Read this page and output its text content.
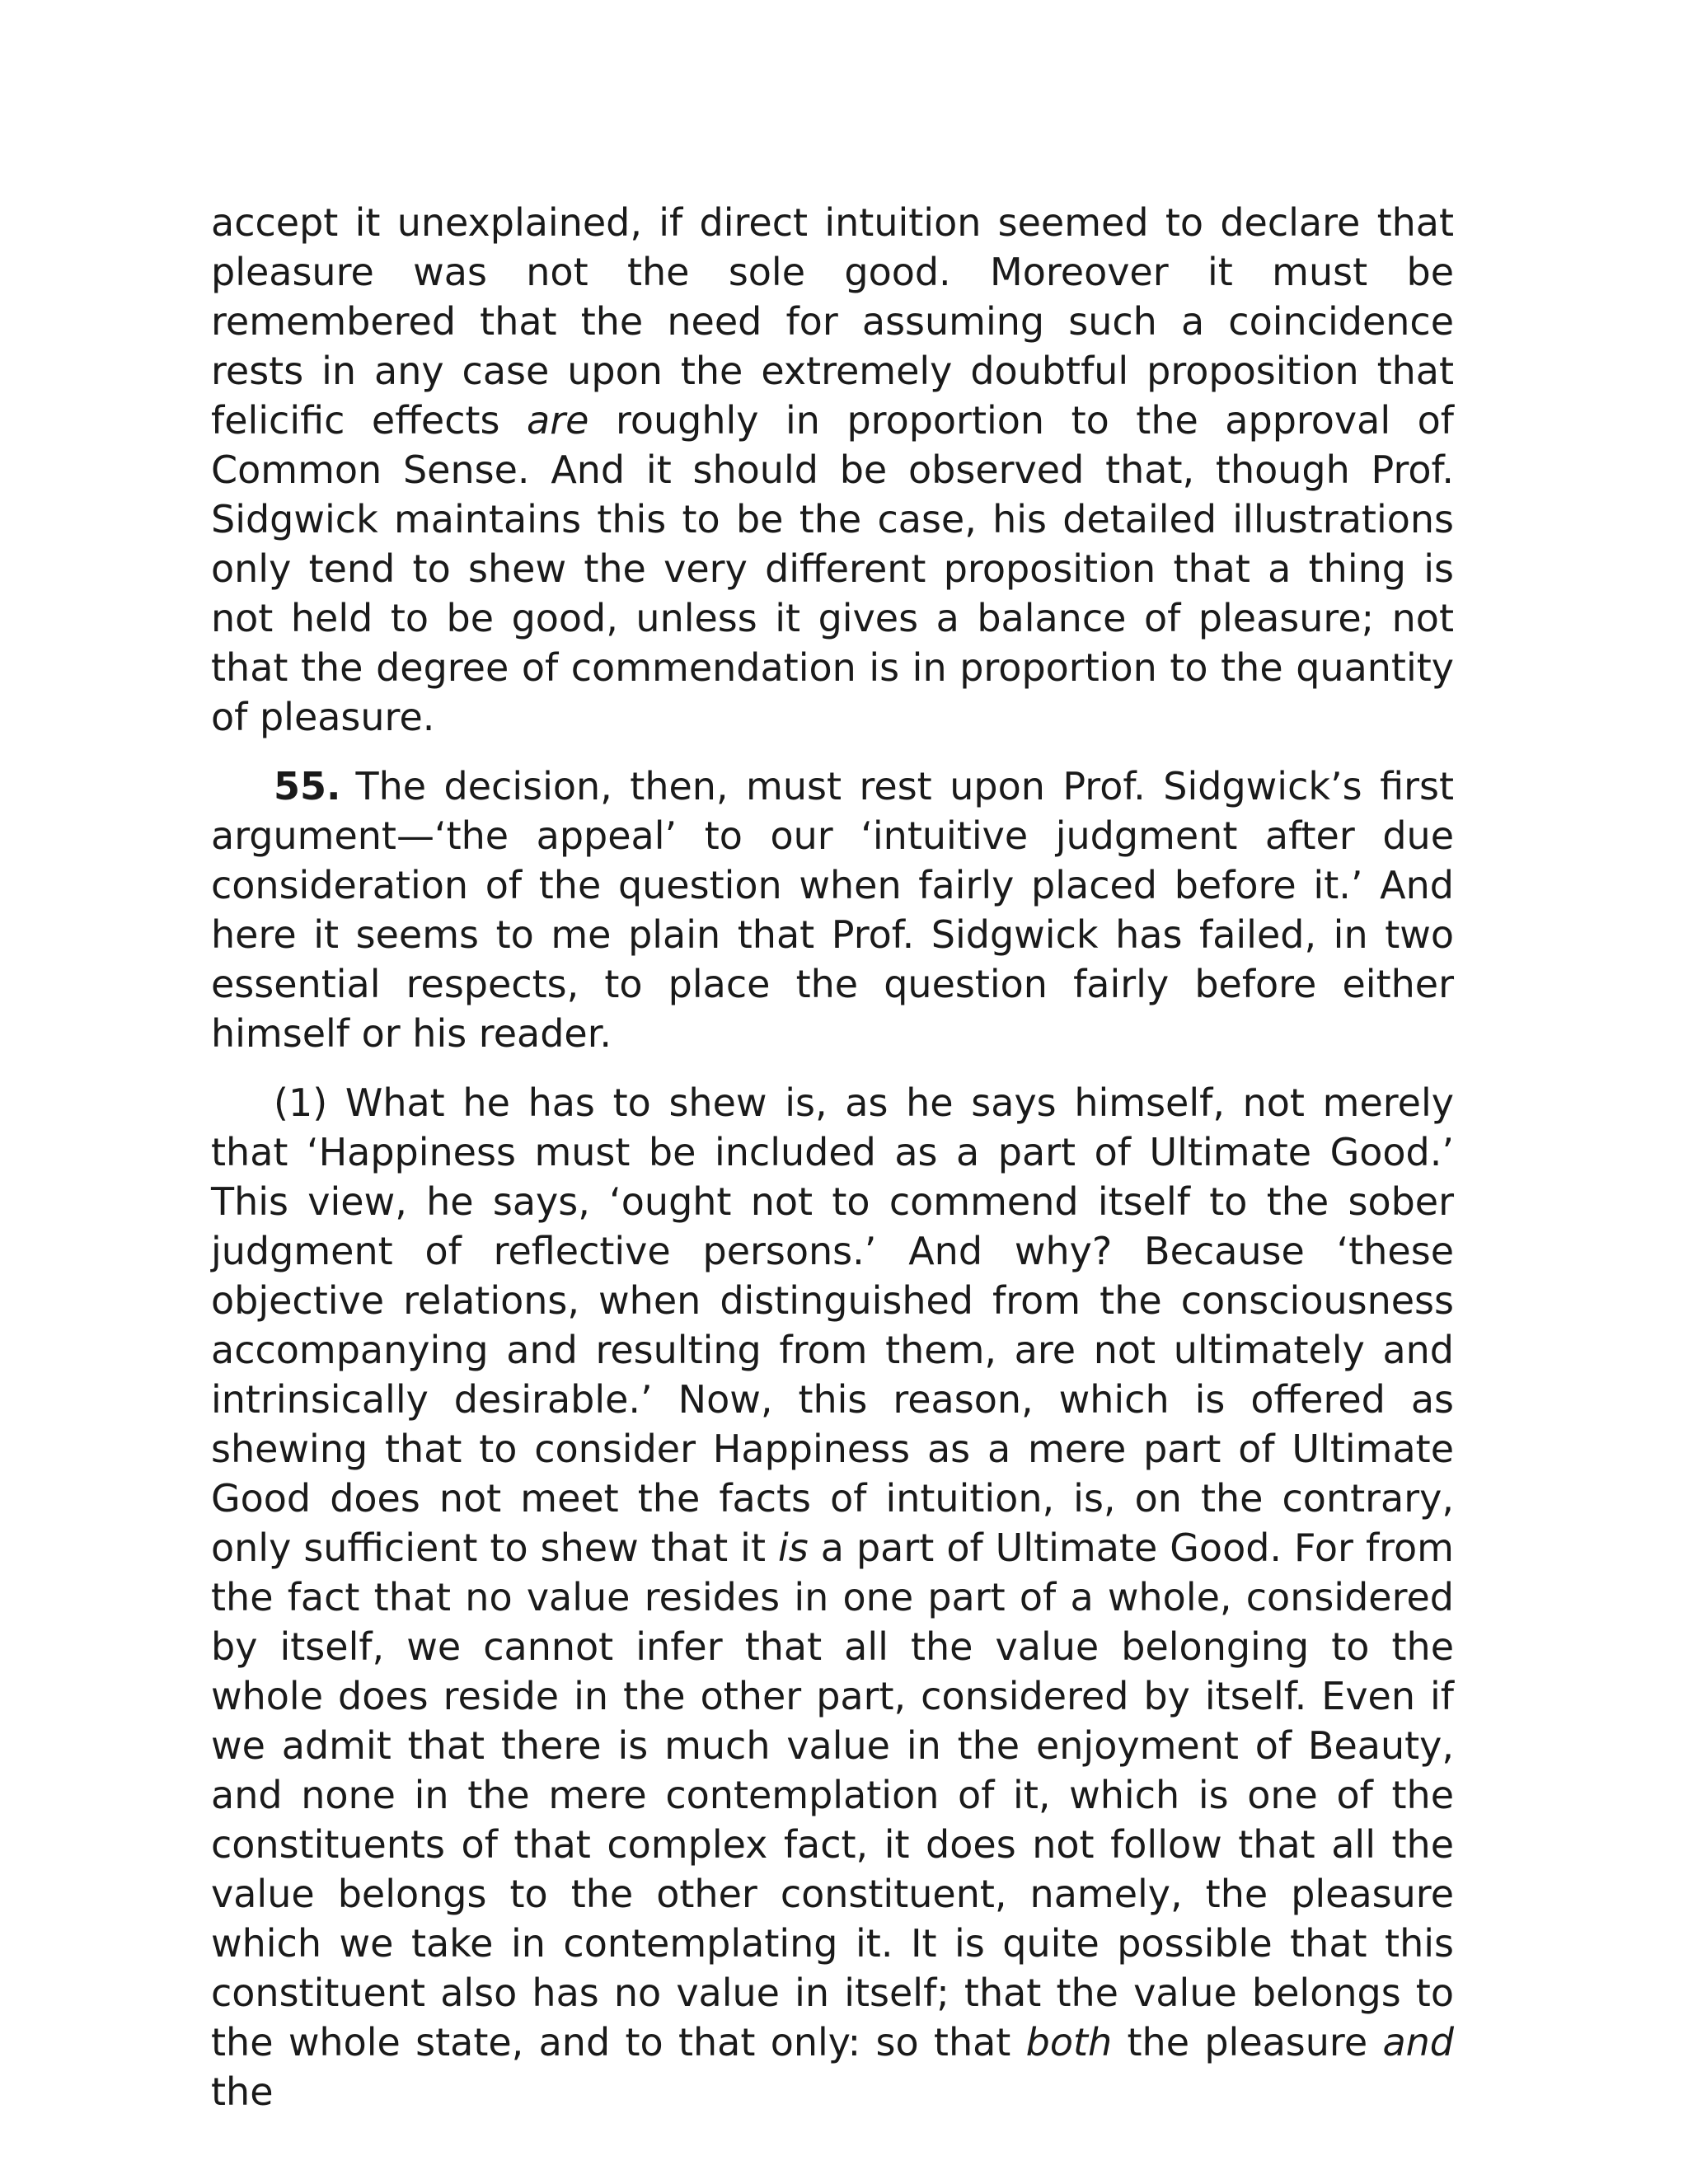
accept it unexplained, if direct intuition seemed to declare that pleasure was not the sole good. Moreover it must be remembered that the need for assuming such a coincidence rests in any case upon the extremely doubtful proposition that felicific effects are roughly in proportion to the approval of Common Sense. And it should be observed that, though Prof. Sidgwick maintains this to be the case, his detailed illustrations only tend to shew the very different proposition that a thing is not held to be good, unless it gives a balance of pleasure; not that the degree of commendation is in proportion to the quantity of pleasure.

55. The decision, then, must rest upon Prof. Sidgwick’s first argument—‘the appeal’ to our ‘intuitive judgment after due consideration of the question when fairly placed before it.’ And here it seems to me plain that Prof. Sidgwick has failed, in two essential respects, to place the question fairly before either himself or his reader.

(1) What he has to shew is, as he says himself, not merely that ‘Happiness must be included as a part of Ultimate Good.’ This view, he says, ‘ought not to commend itself to the sober judgment of reflective persons.’ And why? Because ‘these objective relations, when distinguished from the consciousness accompanying and resulting from them, are not ultimately and intrinsically desirable.’ Now, this reason, which is offered as shewing that to consider Happiness as a mere part of Ultimate Good does not meet the facts of intuition, is, on the contrary, only sufficient to shew that it is a part of Ultimate Good. For from the fact that no value resides in one part of a whole, considered by itself, we cannot infer that all the value belonging to the whole does reside in the other part, considered by itself. Even if we admit that there is much value in the enjoyment of Beauty, and none in the mere contemplation of it, which is one of the constituents of that complex fact, it does not follow that all the value belongs to the other constituent, namely, the pleasure which we take in contemplating it. It is quite possible that this constituent also has no value in itself; that the value belongs to the whole state, and to that only: so that both the pleasure and the
